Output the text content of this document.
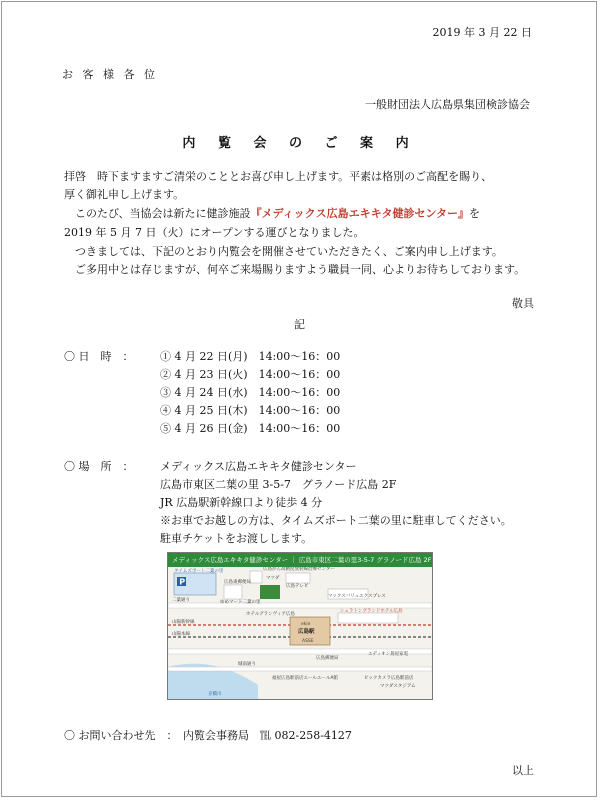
2019 年 3 月 22 日
お 客 様 各 位
一般財団法人広島県集団検診協会
内 覧 会 の ご 案 内

拝啓　時下ますますご清栄のこととお喜び申し上げます。平素は格別のご高配を賜り、

厚く御礼申し上げます。

　このたび、当協会は新たに健診施設『メディックス広島エキキタ健診センター』を

2019 年 5 月 7 日（火）にオープンする運びとなりました。

　つきましては、下記のとおり内覧会を開催させていただきたく、ご案内申し上げます。

　ご多用中とは存じますが、何卒ご来場賜りますよう職員一同、心よりお待ちしております。

敬具
記
〇 日　時　： ① 4 月 22 日(月)　14:00～16：00
② 4 月 23 日(火)　14:00～16：00
③ 4 月 24 日(水)　14:00～16：00
④ 4 月 25 日(木)　14:00～16：00
⑤ 4 月 26 日(金)　14:00～16：00
〇 場　所　： メディックス広島エキキタ健診センター
広島市東区二葉の里 3-5-7　グラノード広島 2F
JR 広島駅新幹線口より徒歩 4 分
※お車でお越しの方は、タイムズポート二葉の里に駐車してください。
駐車チケットをお渡しします。
メディックス広島エキキタ健診センター ｜ 広島市東区二葉の里3-5-7 グラノード広島 2F
P
タイムズポート二葉の里
ekie
広島駅
ASSE
広島東郵便局
ゆめマート二葉の里
広島がん高精度放射線治療センター
広島テレビ
マツダ
マックスバリュエクスプレス
二葉通り
シェラトングランドホテル広島
ホテルグランヴィア広島
山陽新幹線
山陽本線
広島郵便局
エディオン蔦屋家電
城南通り
福屋広島駅前店エールエールA館	ビックカメラ広島駅前店
マツダスタジアム
京橋川
〇 お問い合わせ先　：　内覧会事務局　℡ 082-258-4127
以上
